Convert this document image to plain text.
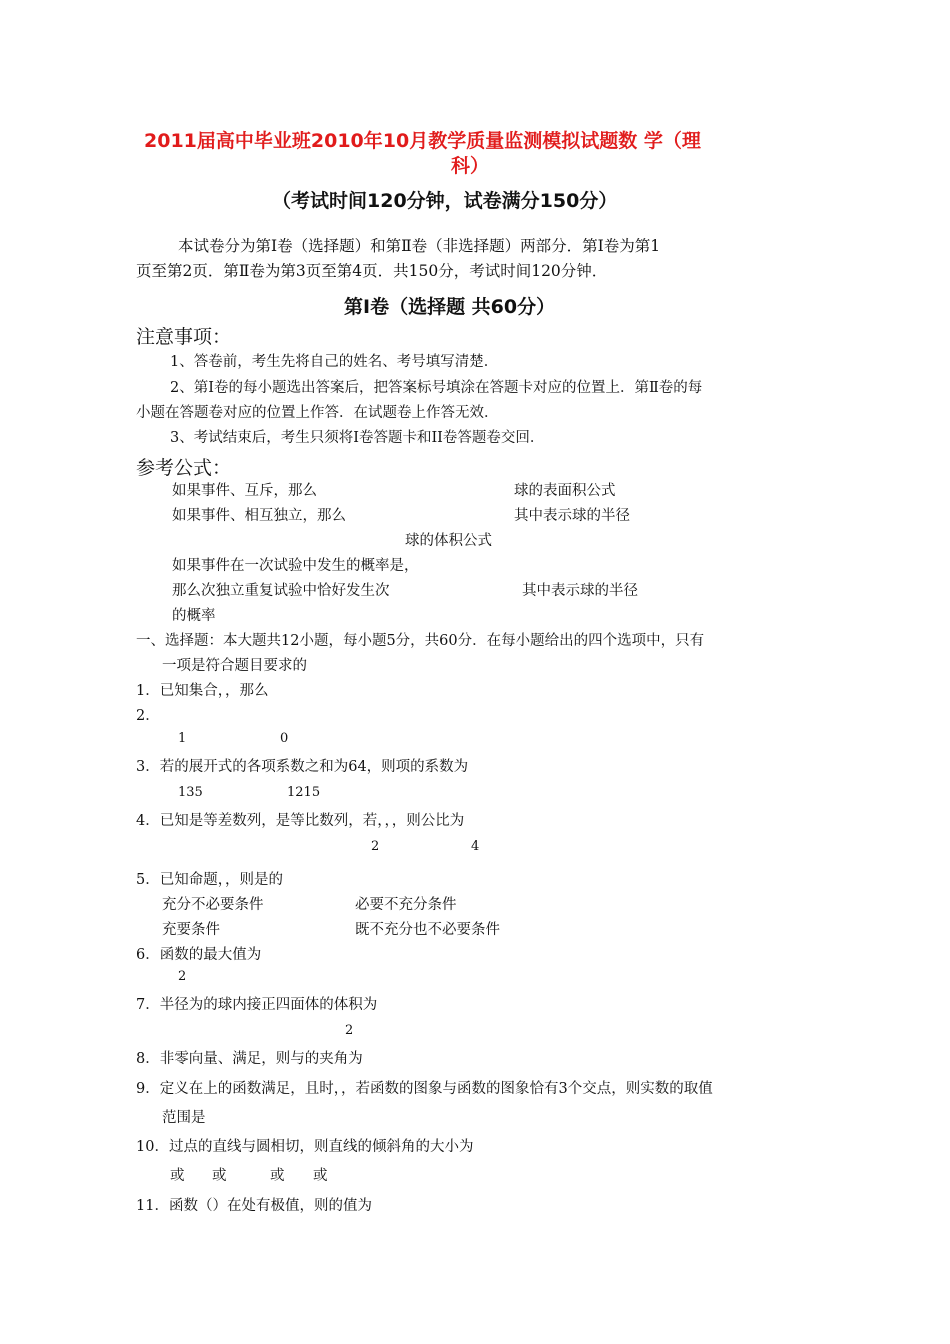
2011届高中毕业班2010年10月教学质量监测模拟试题数 学（理
科）
（考试时间120分钟，试卷满分150分）
本试卷分为第Ⅰ卷（选择题）和第Ⅱ卷（非选择题）两部分．第Ⅰ卷为第1
页至第2页．第Ⅱ卷为第3页至第4页．共150分，考试时间120分钟．
第Ⅰ卷（选择题 共60分）
注意事项：
1、答卷前，考生先将自己的姓名、考号填写清楚．
2、第Ⅰ卷的每小题选出答案后，把答案标号填涂在答题卡对应的位置上．第Ⅱ卷的每
小题在答题卷对应的位置上作答．在试题卷上作答无效．
3、考试结束后，考生只须将I卷答题卡和II卷答题卷交回．
参考公式：
如果事件、互斥，那么	球的表面积公式
如果事件、相互独立，那么	其中表示球的半径
球的体积公式
如果事件在一次试验中发生的概率是，
那么次独立重复试验中恰好发生次	其中表示球的半径
的概率
一、选择题：本大题共12小题，每小题5分，共60分．在每小题给出的四个选项中，只有
一项是符合题目要求的
1．已知集合，，那么
2．
1	0
3．若的展开式的各项系数之和为64，则项的系数为
135	1215
4．已知是等差数列，是等比数列，若，，，则公比为
2	4
5．已知命题，，则是的
充分不必要条件	必要不充分条件
充要条件	既不充分也不必要条件
6．函数的最大值为
2
7．半径为的球内接正四面体的体积为
2
8．非零向量、满足，则与的夹角为
9．定义在上的函数满足，且时，，若函数的图象与函数的图象恰有3个交点，则实数的取值
范围是
10．过点的直线与圆相切，则直线的倾斜角的大小为
或 或	或 或
11．函数（）在处有极值，则的值为
